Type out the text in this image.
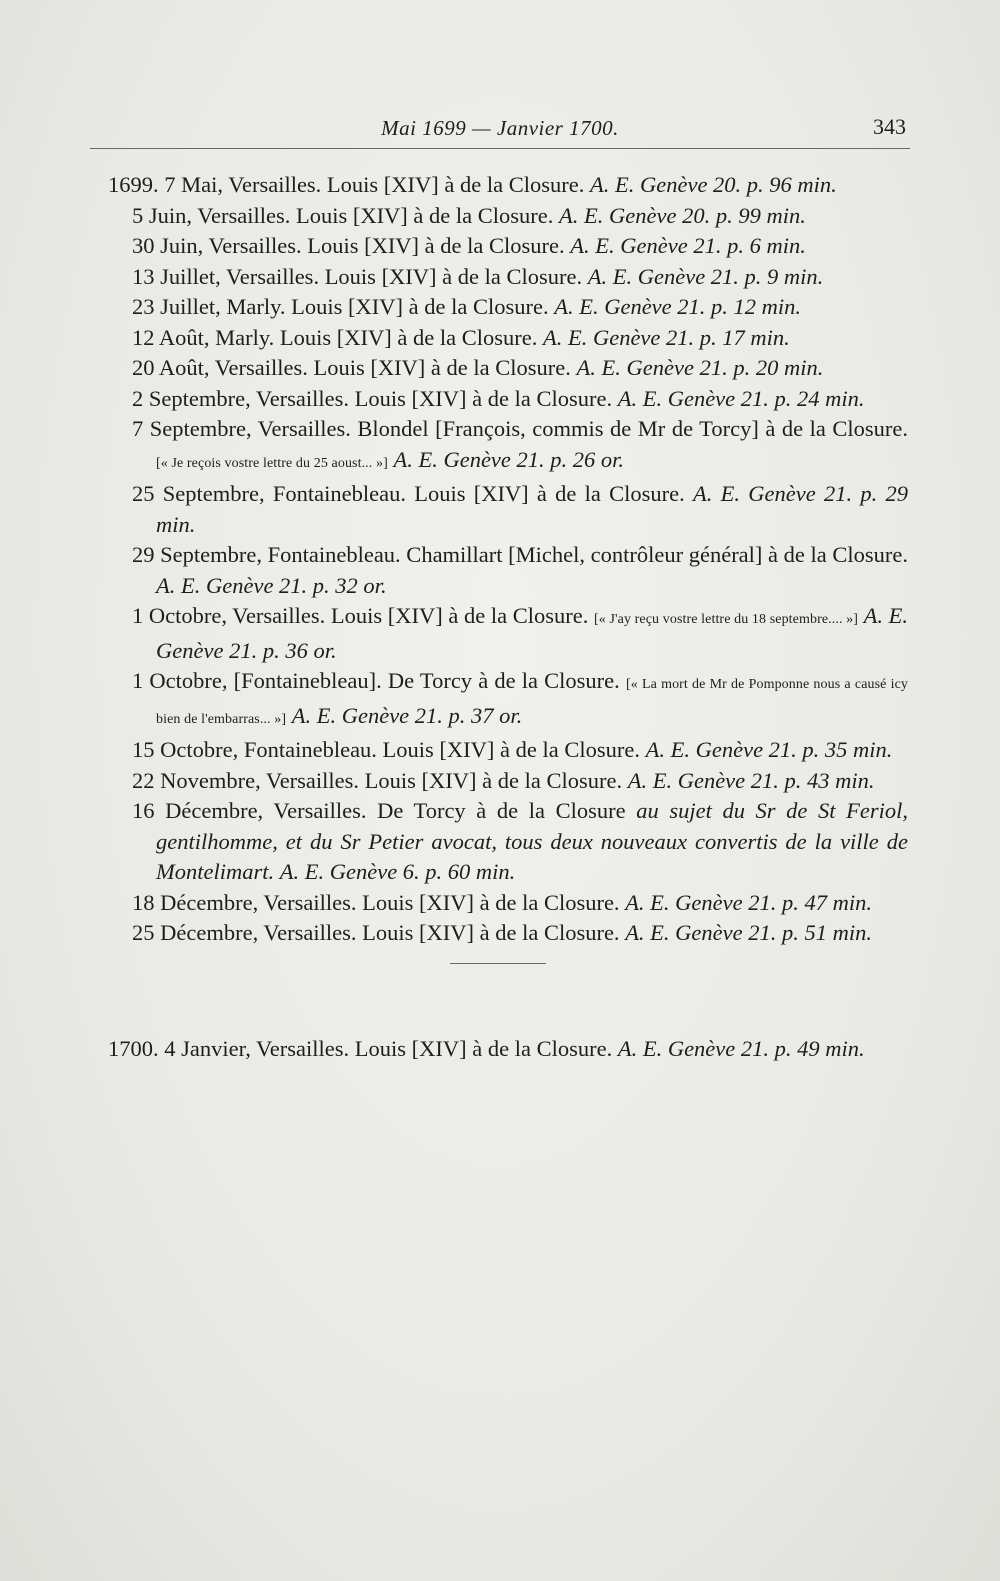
Mai 1699 — Janvier 1700.	343

1699. 7 Mai, Versailles. Louis [XIV] à de la Closure. A. E. Genève 20. p. 96 min.

5 Juin, Versailles. Louis [XIV] à de la Closure. A. E. Genève 20. p. 99 min.

30 Juin, Versailles. Louis [XIV] à de la Closure. A. E. Genève 21. p. 6 min.

13 Juillet, Versailles. Louis [XIV] à de la Closure. A. E. Genève 21. p. 9 min.

23 Juillet, Marly. Louis [XIV] à de la Closure. A. E. Genève 21. p. 12 min.

12 Août, Marly. Louis [XIV] à de la Closure. A. E. Genève 21. p. 17 min.

20 Août, Versailles. Louis [XIV] à de la Closure. A. E. Genève 21. p. 20 min.

2 Septembre, Versailles. Louis [XIV] à de la Closure. A. E. Genève 21. p. 24 min.

7 Septembre, Versailles. Blondel [François, commis de Mr de Torcy] à de la Closure. [« Je reçois vostre lettre du 25 aoust... »] A. E. Genève 21. p. 26 or.

25 Septembre, Fontainebleau. Louis [XIV] à de la Closure. A. E. Genève 21. p. 29 min.

29 Septembre, Fontainebleau. Chamillart [Michel, contrôleur général] à de la Closure. A. E. Genève 21. p. 32 or.

1 Octobre, Versailles. Louis [XIV] à de la Closure. [« J'ay reçu vostre lettre du 18 septembre.... »] A. E. Genève 21. p. 36 or.

1 Octobre, [Fontainebleau]. De Torcy à de la Closure. [« La mort de Mr de Pomponne nous a causé icy bien de l'embarras... »] A. E. Genève 21. p. 37 or.

15 Octobre, Fontainebleau. Louis [XIV] à de la Closure. A. E. Genève 21. p. 35 min.

22 Novembre, Versailles. Louis [XIV] à de la Closure. A. E. Genève 21. p. 43 min.

16 Décembre, Versailles. De Torcy à de la Closure au sujet du Sr de St Feriol, gentilhomme, et du Sr Petier avocat, tous deux nouveaux convertis de la ville de Montelimart. A. E. Genève 6. p. 60 min.

18 Décembre, Versailles. Louis [XIV] à de la Closure. A. E. Genève 21. p. 47 min.

25 Décembre, Versailles. Louis [XIV] à de la Closure. A. E. Genève 21. p. 51 min.

1700. 4 Janvier, Versailles. Louis [XIV] à de la Closure. A. E. Genève 21. p. 49 min.
